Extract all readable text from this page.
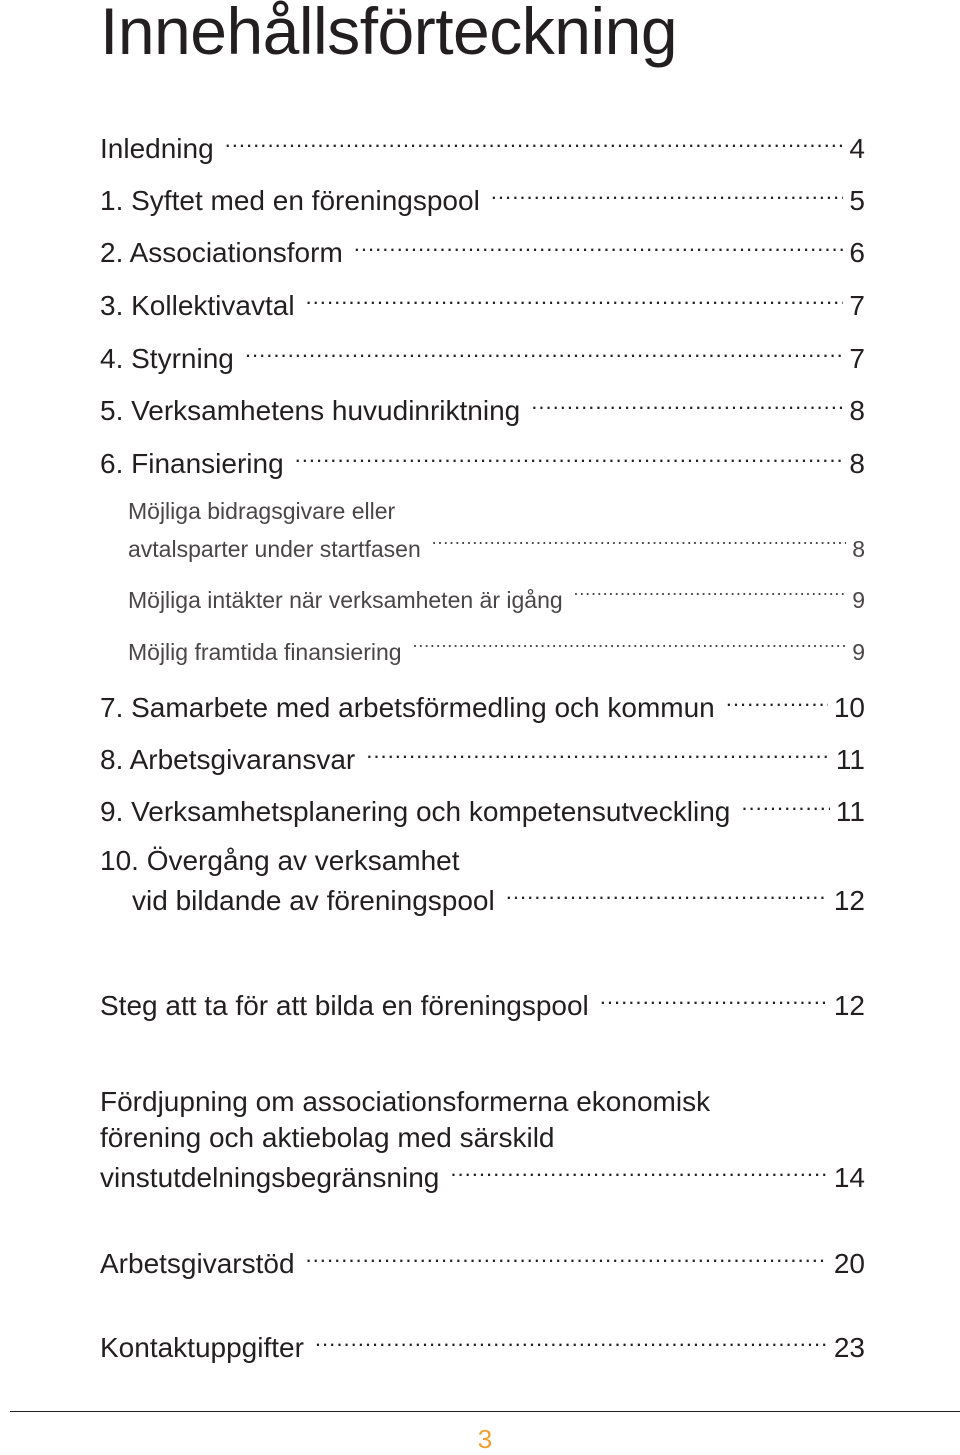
Innehållsförteckning
Inledning …………………………………………………………………………………………………………………………………………………………………………	4
1. Syftet med en föreningspool …………………………………………………………………………………………………………………………………………………………………………	5
2. Associationsform …………………………………………………………………………………………………………………………………………………………………………	6
3. Kollektivavtal …………………………………………………………………………………………………………………………………………………………………………	7
4. Styrning …………………………………………………………………………………………………………………………………………………………………………	7
5. Verksamhetens huvudinriktning …………………………………………………………………………………………………………………………………………………………………………	8
6. Finansiering …………………………………………………………………………………………………………………………………………………………………………	8
Möjliga bidragsgivare eller
avtalsparter under startfasen …………………………………………………………………………………………………………………………………………………………………………	8
Möjliga intäkter när verksamheten är igång …………………………………………………………………………………………………………………………………………………………………………	9
Möjlig framtida finansiering …………………………………………………………………………………………………………………………………………………………………………	9
7. Samarbete med arbetsförmedling och kommun …………………………………………………………………………………………………………………………………………………………………………	10
8. Arbetsgivaransvar …………………………………………………………………………………………………………………………………………………………………………	11
9. Verksamhetsplanering och kompetensutveckling …………………………………………………………………………………………………………………………………………………………………………	11
10. Övergång av verksamhet
vid bildande av föreningspool …………………………………………………………………………………………………………………………………………………………………………	12
Steg att ta för att bilda en föreningspool …………………………………………………………………………………………………………………………………………………………………………	12
Fördjupning om associationsformerna ekonomisk
förening och aktiebolag med särskild
vinstutdelningsbegränsning …………………………………………………………………………………………………………………………………………………………………………	14
Arbetsgivarstöd …………………………………………………………………………………………………………………………………………………………………………	20
Kontaktuppgifter …………………………………………………………………………………………………………………………………………………………………………	23
3
